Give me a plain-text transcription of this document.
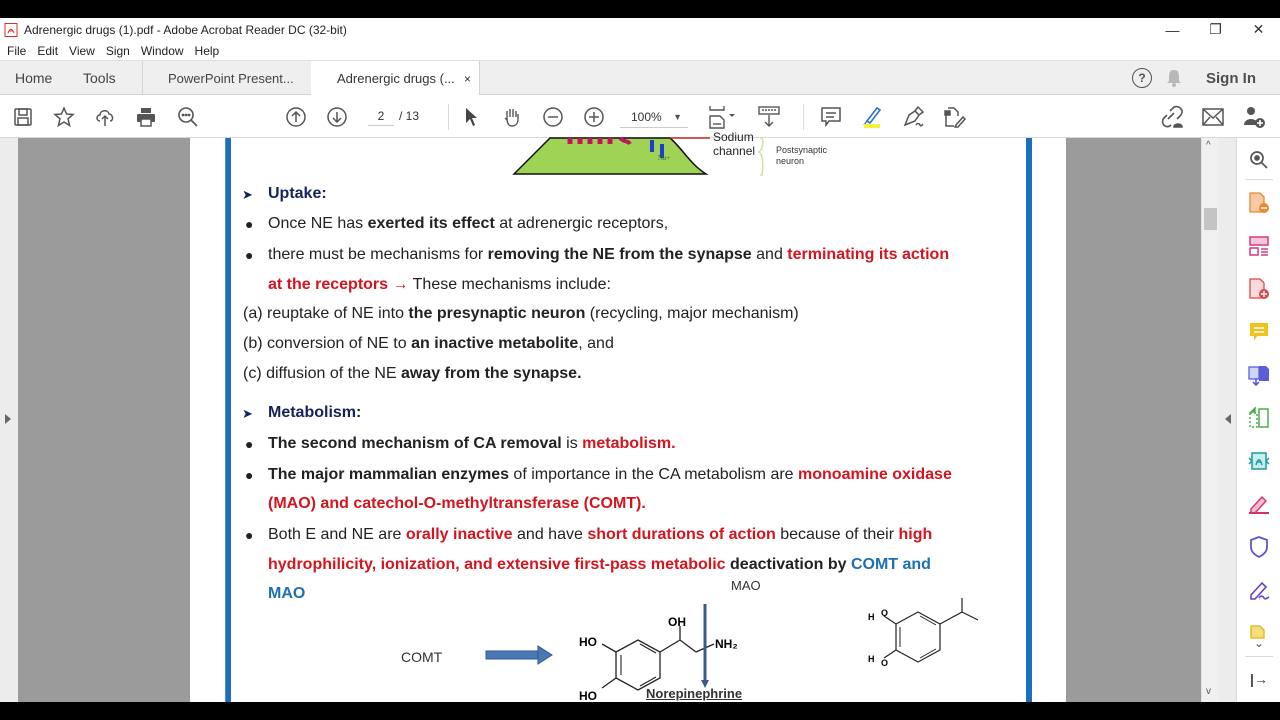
Adrenergic drugs (1).pdf - Adobe Acrobat Reader DC (32-bit)	—	❐	✕
File Edit View Sign Window Help
Home Tools	PowerPoint Present...	Adrenergic drugs (... ×	?	Sign In
2	/ 13	100% ▼
Na+
Sodium
channel Postsynaptic
neuron
➤ Uptake:
● Once NE has exerted its effect at adrenergic receptors,
● there must be mechanisms for removing the NE from the synapse and terminating its action
at the receptors → These mechanisms include:
(a) reuptake of NE into the presynaptic neuron (recycling, major mechanism)
(b) conversion of NE to an inactive metabolite, and
(c) diffusion of the NE away from the synapse.
➤ Metabolism:
● The second mechanism of CA removal is metabolism.
● The major mammalian enzymes of importance in the CA metabolism are monoamine oxidase
(MAO) and catechol-O-methyltransferase (COMT).
● Both E and NE are orally inactive and have short durations of action because of their high
hydrophilicity, ionization, and extensive first-pass metabolic deactivation by COMT and
MAO	MAO
COMT
HO
HO
OH
NH₂
Norepinephrine
H O
H O
^
v
⌄
|→
